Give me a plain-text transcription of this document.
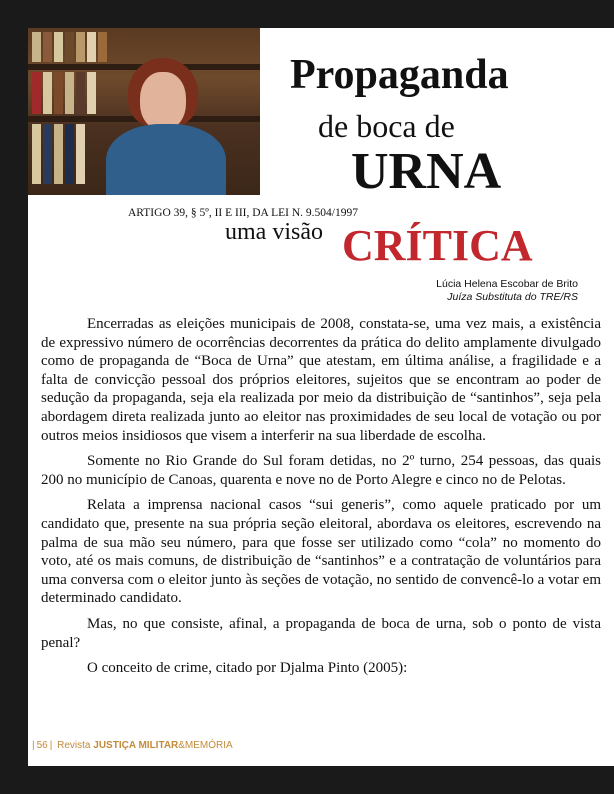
Propaganda
de boca de
URNA
ARTIGO 39, § 5º, II E III, DA LEI N. 9.504/1997
uma visão CRÍTICA
Lúcia Helena Escobar de Brito
Juíza Substituta do TRE/RS

Encerradas as eleições municipais de 2008, constata-se, uma vez mais, a existência de expressivo número de ocorrências decorrentes da prática do delito amplamente divulgado como de propaganda de “Boca de Urna” que atestam, em última análise, a fragilidade e a falta de convicção pessoal dos próprios eleitores, sujeitos que se encontram ao poder de sedução da propaganda, seja ela realizada por meio da distribuição de “santinhos”, seja pela abordagem direta realizada junto ao eleitor nas proximidades de seu local de votação ou por outros meios insidiosos que visem a interferir na sua liberdade de escolha.

Somente no Rio Grande do Sul foram detidas, no 2º turno, 254 pessoas, das quais 200 no município de Canoas, quarenta e nove no de Porto Alegre e cinco no de Pelotas.

Relata a imprensa nacional casos “sui generis”, como aquele praticado por um candidato que, presente na sua própria seção eleitoral, abordava os eleitores, escrevendo na palma de sua mão seu número, para que fosse ser utilizado como “cola” no momento do voto, até os mais comuns, de distribuição de “santinhos” e a contratação de voluntários para uma conversa com o eleitor junto às seções de votação, no sentido de convencê-lo a votar em determinado candidato.

Mas, no que consiste, afinal, a propaganda de boca de urna, sob o ponto de vista penal?

O conceito de crime, citado por Djalma Pinto (2005):

| 56 | Revista JUSTIÇA MILITAR&MEMÓRIA
